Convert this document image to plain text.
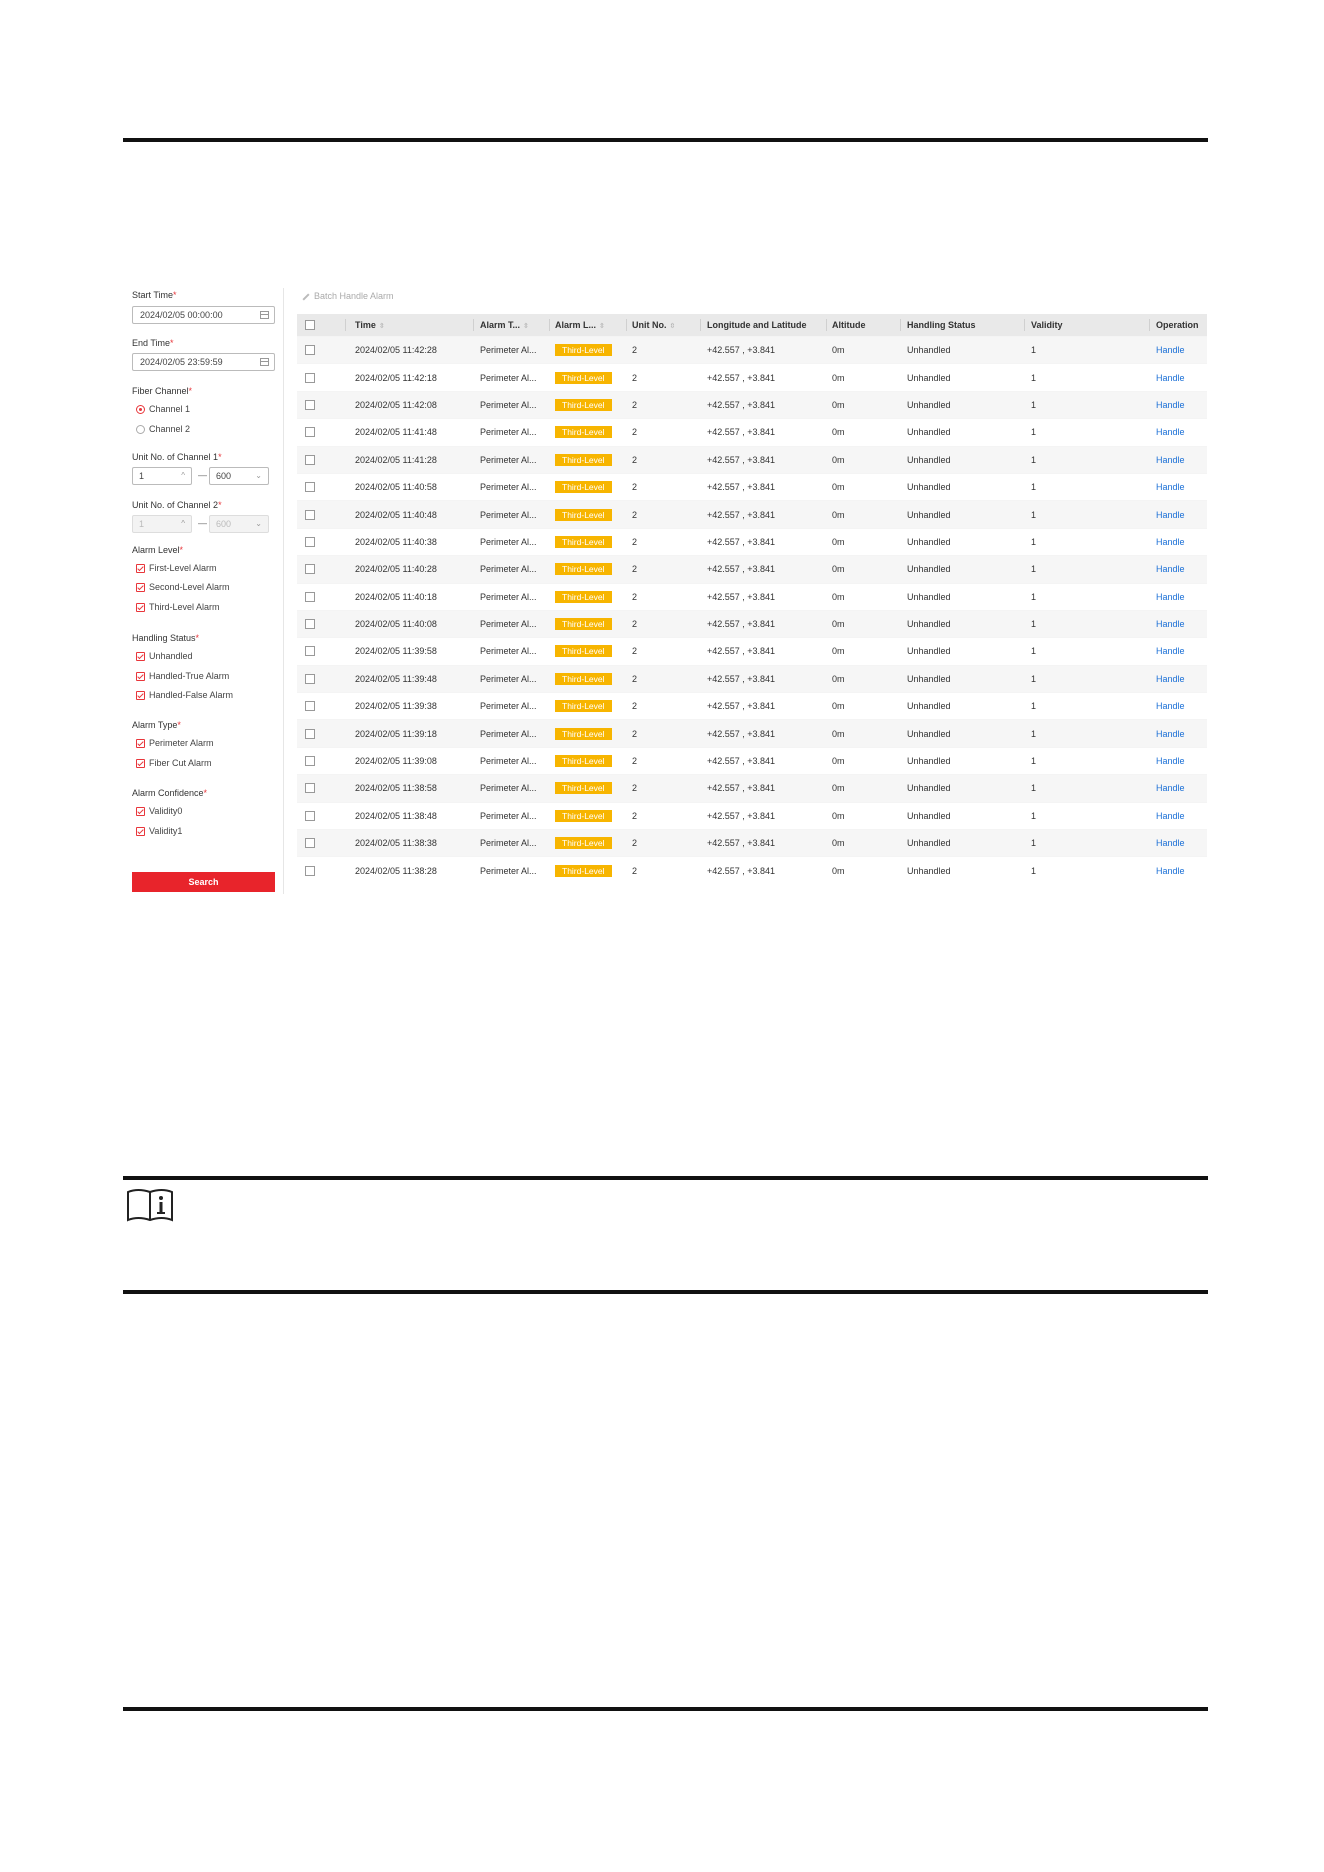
Start Time*
2024/02/05 00:00:00
End Time*
2024/02/05 23:59:59
Fiber Channel*
Channel 1
Channel 2
Unit No. of Channel 1*
1	^ — 600	⌄
Unit No. of Channel 2*
1	^ — 600	⌄
Alarm Level*
First-Level Alarm
Second-Level Alarm
Third-Level Alarm
Handling Status*
Unhandled
Handled-True Alarm
Handled-False Alarm
Alarm Type*
Perimeter Alarm
Fiber Cut Alarm
Alarm Confidence*
Validity0
Validity1
Search
Batch Handle Alarm
Time ⇳	Alarm T... ⇳	Alarm L... ⇳	Unit No. ⇳	Longitude and Latitude	Altitude	Handling Status	Validity	Operation
2024/02/05 11:42:28	Perimeter Al...	Third-Level	2	+42.557 , +3.841	0m	Unhandled	1	Handle
2024/02/05 11:42:18	Perimeter Al...	Third-Level	2	+42.557 , +3.841	0m	Unhandled	1	Handle
2024/02/05 11:42:08	Perimeter Al...	Third-Level	2	+42.557 , +3.841	0m	Unhandled	1	Handle
2024/02/05 11:41:48	Perimeter Al...	Third-Level	2	+42.557 , +3.841	0m	Unhandled	1	Handle
2024/02/05 11:41:28	Perimeter Al...	Third-Level	2	+42.557 , +3.841	0m	Unhandled	1	Handle
2024/02/05 11:40:58	Perimeter Al...	Third-Level	2	+42.557 , +3.841	0m	Unhandled	1	Handle
2024/02/05 11:40:48	Perimeter Al...	Third-Level	2	+42.557 , +3.841	0m	Unhandled	1	Handle
2024/02/05 11:40:38	Perimeter Al...	Third-Level	2	+42.557 , +3.841	0m	Unhandled	1	Handle
2024/02/05 11:40:28	Perimeter Al...	Third-Level	2	+42.557 , +3.841	0m	Unhandled	1	Handle
2024/02/05 11:40:18	Perimeter Al...	Third-Level	2	+42.557 , +3.841	0m	Unhandled	1	Handle
2024/02/05 11:40:08	Perimeter Al...	Third-Level	2	+42.557 , +3.841	0m	Unhandled	1	Handle
2024/02/05 11:39:58	Perimeter Al...	Third-Level	2	+42.557 , +3.841	0m	Unhandled	1	Handle
2024/02/05 11:39:48	Perimeter Al...	Third-Level	2	+42.557 , +3.841	0m	Unhandled	1	Handle
2024/02/05 11:39:38	Perimeter Al...	Third-Level	2	+42.557 , +3.841	0m	Unhandled	1	Handle
2024/02/05 11:39:18	Perimeter Al...	Third-Level	2	+42.557 , +3.841	0m	Unhandled	1	Handle
2024/02/05 11:39:08	Perimeter Al...	Third-Level	2	+42.557 , +3.841	0m	Unhandled	1	Handle
2024/02/05 11:38:58	Perimeter Al...	Third-Level	2	+42.557 , +3.841	0m	Unhandled	1	Handle
2024/02/05 11:38:48	Perimeter Al...	Third-Level	2	+42.557 , +3.841	0m	Unhandled	1	Handle
2024/02/05 11:38:38	Perimeter Al...	Third-Level	2	+42.557 , +3.841	0m	Unhandled	1	Handle
2024/02/05 11:38:28	Perimeter Al...	Third-Level	2	+42.557 , +3.841	0m	Unhandled	1	Handle
